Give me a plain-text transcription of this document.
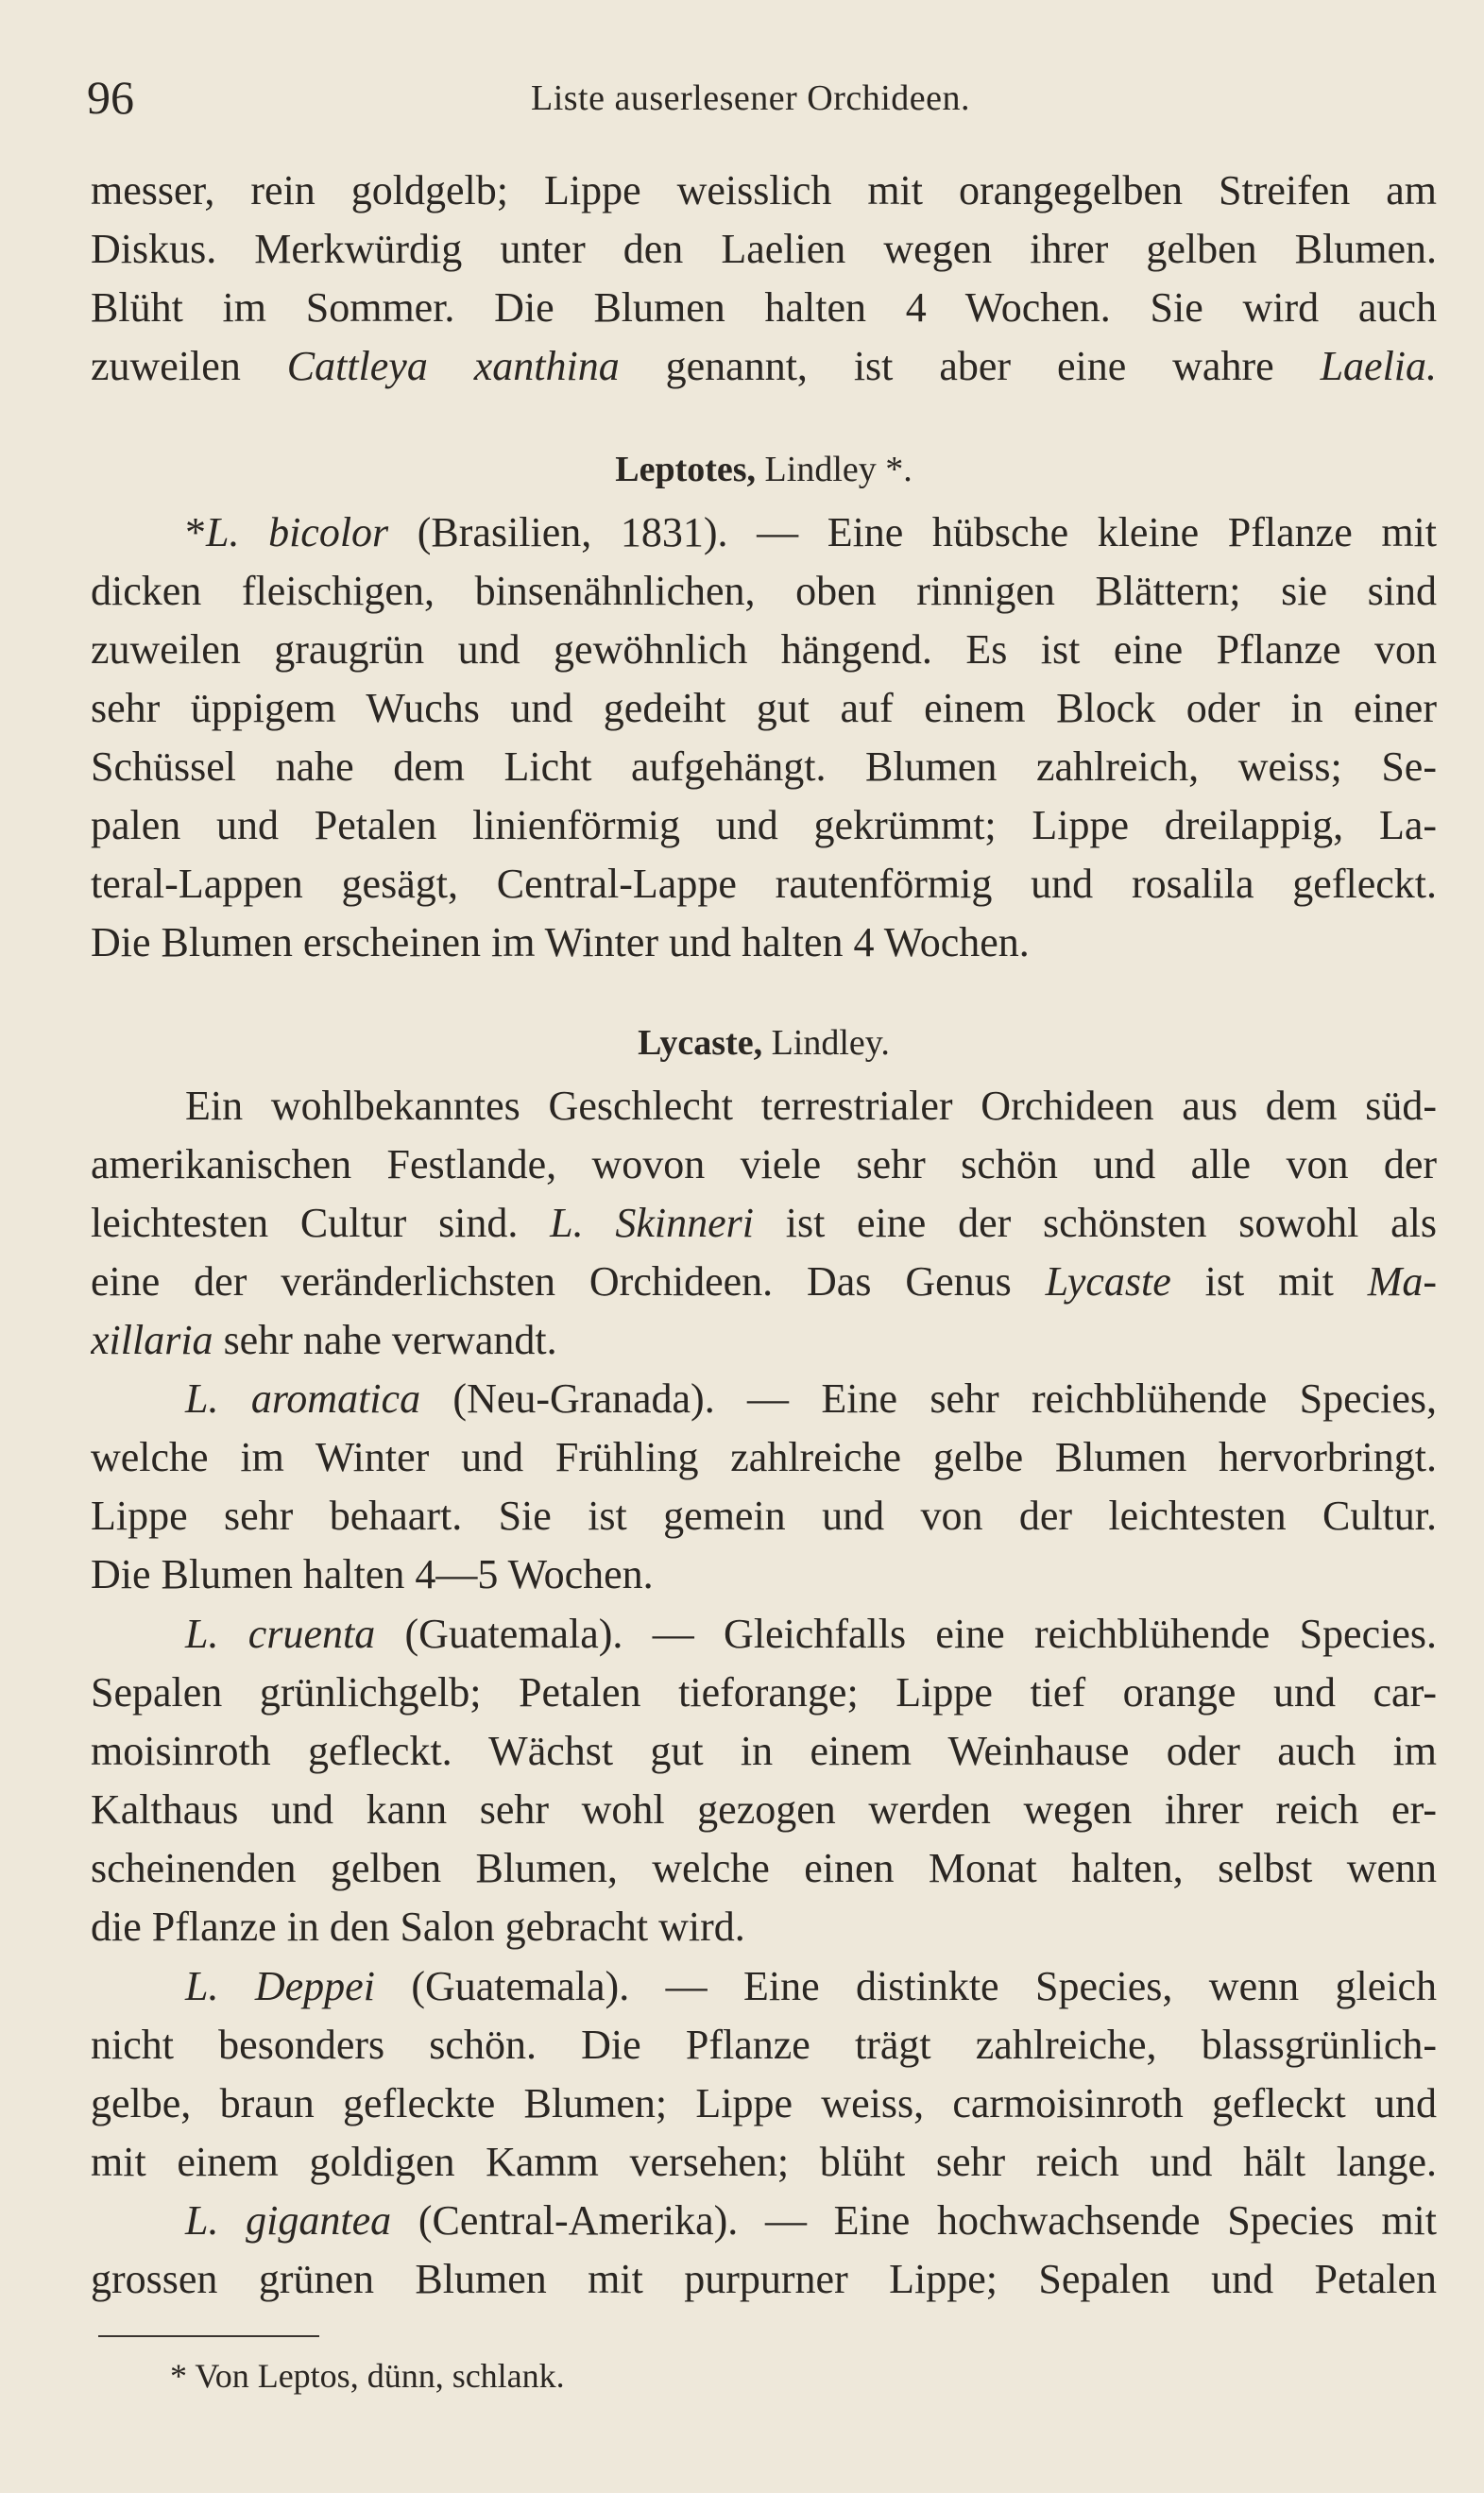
96	Liste auserlesener Orchideen.
messer, rein goldgelb; Lippe weisslich mit orangegelben Streifen am
Diskus. Merkwürdig unter den Laelien wegen ihrer gelben Blumen.
Blüht im Sommer. Die Blumen halten 4 Wochen. Sie wird auch
zuweilen Cattleya xanthina genannt, ist aber eine wahre Laelia.
Leptotes, Lindley *.
*L. bicolor (Brasilien, 1831). — Eine hübsche kleine Pflanze mit
dicken fleischigen, binsenähnlichen, oben rinnigen Blättern; sie sind
zuweilen graugrün und gewöhnlich hängend. Es ist eine Pflanze von
sehr üppigem Wuchs und gedeiht gut auf einem Block oder in einer
Schüssel nahe dem Licht aufgehängt. Blumen zahlreich, weiss; Se-
palen und Petalen linienförmig und gekrümmt; Lippe dreilappig, La-
teral-Lappen gesägt, Central-Lappe rautenförmig und rosalila gefleckt.
Die Blumen erscheinen im Winter und halten 4 Wochen.
Lycaste, Lindley.
Ein wohlbekanntes Geschlecht terrestrialer Orchideen aus dem süd-
amerikanischen Festlande, wovon viele sehr schön und alle von der
leichtesten Cultur sind. L. Skinneri ist eine der schönsten sowohl als
eine der veränderlichsten Orchideen. Das Genus Lycaste ist mit Ma-
xillaria sehr nahe verwandt.
L. aromatica (Neu-Granada). — Eine sehr reichblühende Species,
welche im Winter und Frühling zahlreiche gelbe Blumen hervorbringt.
Lippe sehr behaart. Sie ist gemein und von der leichtesten Cultur.
Die Blumen halten 4—5 Wochen.
L. cruenta (Guatemala). — Gleichfalls eine reichblühende Species.
Sepalen grünlichgelb; Petalen tieforange; Lippe tief orange und car-
moisinroth gefleckt. Wächst gut in einem Weinhause oder auch im
Kalthaus und kann sehr wohl gezogen werden wegen ihrer reich er-
scheinenden gelben Blumen, welche einen Monat halten, selbst wenn
die Pflanze in den Salon gebracht wird.
L. Deppei (Guatemala). — Eine distinkte Species, wenn gleich
nicht besonders schön. Die Pflanze trägt zahlreiche, blassgrünlich-
gelbe, braun gefleckte Blumen; Lippe weiss, carmoisinroth gefleckt und
mit einem goldigen Kamm versehen; blüht sehr reich und hält lange.
L. gigantea (Central-Amerika). — Eine hochwachsende Species mit
grossen grünen Blumen mit purpurner Lippe; Sepalen und Petalen
* Von Leptos, dünn, schlank.
